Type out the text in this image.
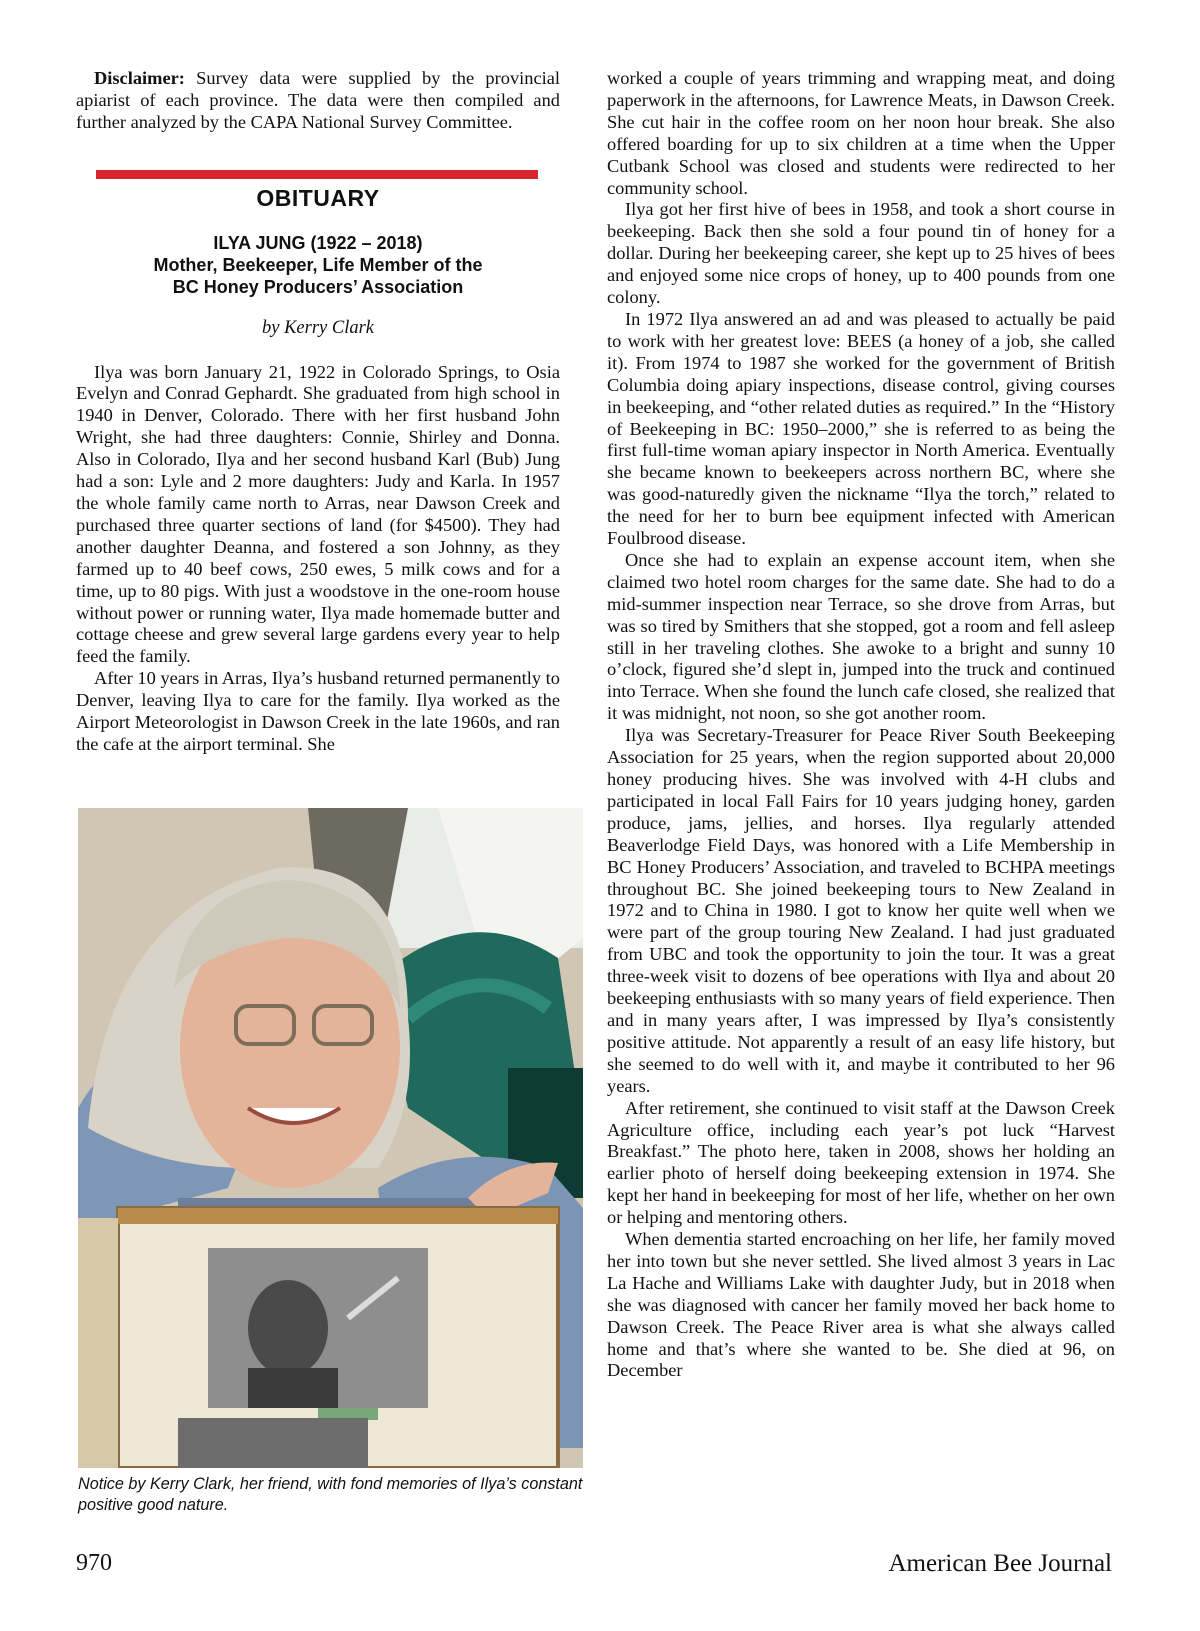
Disclaimer: Survey data were supplied by the provincial apiarist of each province. The data were then compiled and further analyzed by the CAPA National Survey Committee.

OBITUARY
ILYA JUNG (1922 – 2018)
Mother, Beekeeper, Life Member of the
BC Honey Producers’ Association
by Kerry Clark

Ilya was born January 21, 1922 in Colorado Springs, to Osia Evelyn and Conrad Gephardt. She graduated from high school in 1940 in Denver, Colorado. There with her first husband John Wright, she had three daughters: Connie, Shirley and Donna. Also in Colorado, Ilya and her second husband Karl (Bub) Jung had a son: Lyle and 2 more daughters: Judy and Karla. In 1957 the whole family came north to Arras, near Dawson Creek and purchased three quarter sections of land (for $4500). They had another daughter Deanna, and fostered a son Johnny, as they farmed up to 40 beef cows, 250 ewes, 5 milk cows and for a time, up to 80 pigs. With just a woodstove in the one-room house without power or running water, Ilya made homemade butter and cottage cheese and grew several large gardens every year to help feed the family.

After 10 years in Arras, Ilya’s husband returned permanently to Denver, leaving Ilya to care for the family. Ilya worked as the Airport Meteorologist in Dawson Creek in the late 1960s, and ran the cafe at the airport terminal. She

Notice by Kerry Clark, her friend, with fond memories of Ilya’s constant positive good nature.

worked a couple of years trimming and wrapping meat, and doing paperwork in the afternoons, for Lawrence Meats, in Dawson Creek. She cut hair in the coffee room on her noon hour break. She also offered boarding for up to six children at a time when the Upper Cutbank School was closed and students were redirected to her community school.

Ilya got her first hive of bees in 1958, and took a short course in beekeeping. Back then she sold a four pound tin of honey for a dollar. During her beekeeping career, she kept up to 25 hives of bees and enjoyed some nice crops of honey, up to 400 pounds from one colony.

In 1972 Ilya answered an ad and was pleased to actually be paid to work with her greatest love: BEES (a honey of a job, she called it). From 1974 to 1987 she worked for the government of British Columbia doing apiary inspections, disease control, giving courses in beekeeping, and “other related duties as required.” In the “History of Beekeeping in BC: 1950–2000,” she is referred to as being the first full-time woman apiary inspector in North America. Eventually she became known to beekeepers across northern BC, where she was good-naturedly given the nickname “Ilya the torch,” related to the need for her to burn bee equipment infected with American Foulbrood disease.

Once she had to explain an expense account item, when she claimed two hotel room charges for the same date. She had to do a mid-summer inspection near Terrace, so she drove from Arras, but was so tired by Smithers that she stopped, got a room and fell asleep still in her traveling clothes. She awoke to a bright and sunny 10 o’clock, figured she’d slept in, jumped into the truck and continued into Terrace. When she found the lunch cafe closed, she realized that it was midnight, not noon, so she got another room.

Ilya was Secretary-Treasurer for Peace River South Beekeeping Association for 25 years, when the region supported about 20,000 honey producing hives. She was involved with 4-H clubs and participated in local Fall Fairs for 10 years judging honey, garden produce, jams, jellies, and horses. Ilya regularly attended Beaverlodge Field Days, was honored with a Life Membership in BC Honey Producers’ Association, and traveled to BCHPA meetings throughout BC. She joined beekeeping tours to New Zealand in 1972 and to China in 1980. I got to know her quite well when we were part of the group touring New Zealand. I had just graduated from UBC and took the opportunity to join the tour. It was a great three-week visit to dozens of bee operations with Ilya and about 20 beekeeping enthusiasts with so many years of field experience. Then and in many years after, I was impressed by Ilya’s consistently positive attitude. Not apparently a result of an easy life history, but she seemed to do well with it, and maybe it contributed to her 96 years.

After retirement, she continued to visit staff at the Dawson Creek Agriculture office, including each year’s pot luck “Harvest Breakfast.” The photo here, taken in 2008, shows her holding an earlier photo of herself doing beekeeping extension in 1974. She kept her hand in beekeeping for most of her life, whether on her own or helping and mentoring others.

When dementia started encroaching on her life, her family moved her into town but she never settled. She lived almost 3 years in Lac La Hache and Williams Lake with daughter Judy, but in 2018 when she was diagnosed with cancer her family moved her back home to Dawson Creek. The Peace River area is what she always called home and that’s where she wanted to be. She died at 96, on December

970	American Bee Journal
